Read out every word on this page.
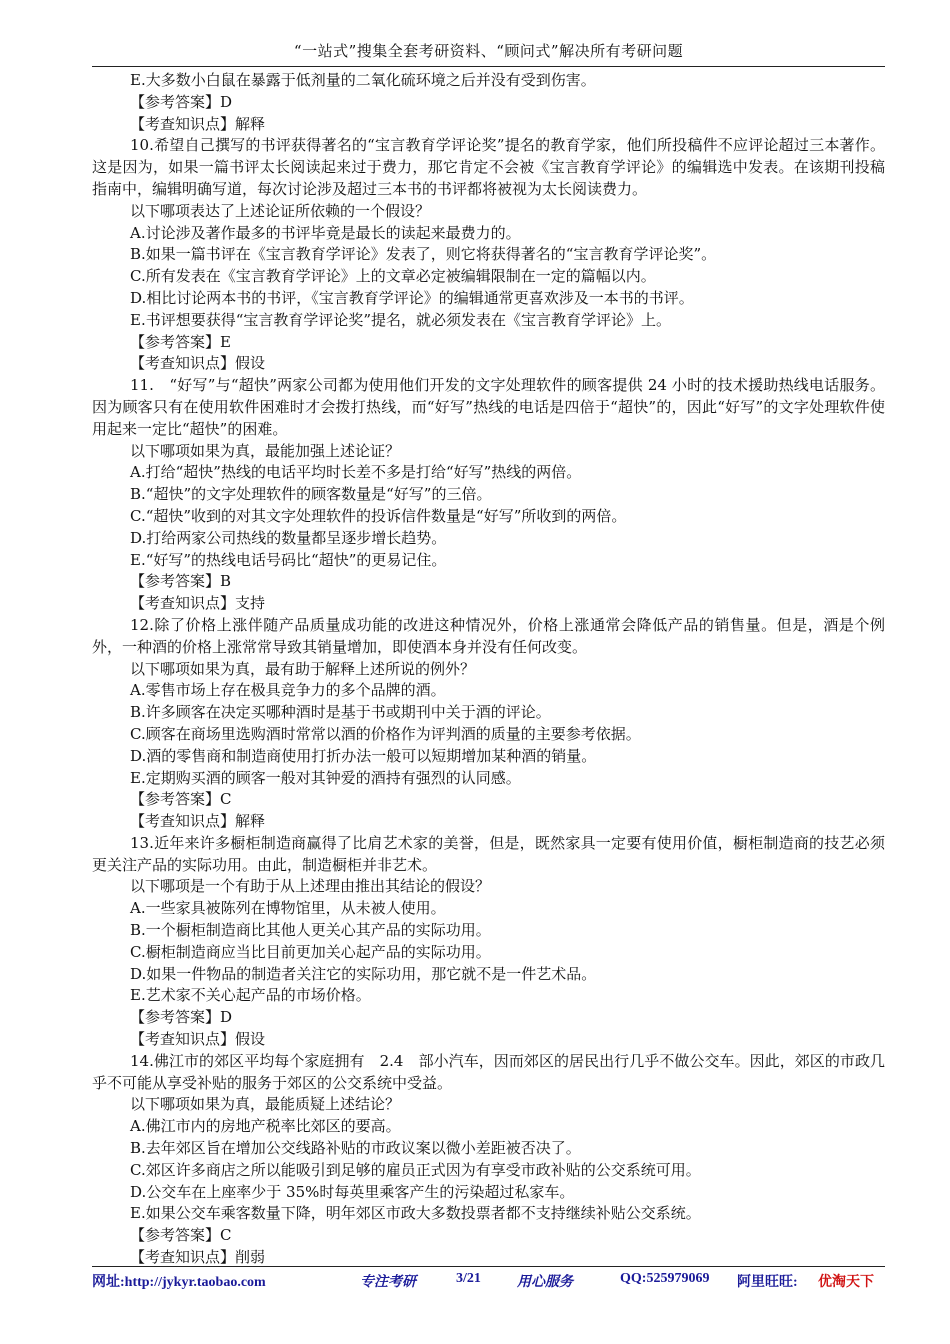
“一站式”搜集全套考研资料、“顾问式”解决所有考研问题
E.大多数小白鼠在暴露于低剂量的二氧化硫环境之后并没有受到伤害。
【参考答案】D
【考查知识点】解释
10.希望自己撰写的书评获得著名的“宝言教育学评论奖”提名的教育学家，他们所投稿件不应评论超过三本著作。这是因为，如果一篇书评太长阅读起来过于费力，那它肯定不会被《宝言教育学评论》的编辑选中发表。在该期刊投稿指南中，编辑明确写道，每次讨论涉及超过三本书的书评都将被视为太长阅读费力。
以下哪项表达了上述论证所依赖的一个假设？
A.讨论涉及著作最多的书评毕竟是最长的读起来最费力的。
B.如果一篇书评在《宝言教育学评论》发表了，则它将获得著名的“宝言教育学评论奖”。
C.所有发表在《宝言教育学评论》上的文章必定被编辑限制在一定的篇幅以内。
D.相比讨论两本书的书评，《宝言教育学评论》的编辑通常更喜欢涉及一本书的书评。
E.书评想要获得“宝言教育学评论奖”提名，就必须发表在《宝言教育学评论》上。
【参考答案】E
【考查知识点】假设
11.　“好写”与“超快”两家公司都为使用他们开发的文字处理软件的顾客提供 24 小时的技术援助热线电话服务。因为顾客只有在使用软件困难时才会拨打热线，而“好写”热线的电话是四倍于“超快”的，因此“好写”的文字处理软件使用起来一定比“超快”的困难。
以下哪项如果为真，最能加强上述论证？
A.打给“超快”热线的电话平均时长差不多是打给“好写”热线的两倍。
B.“超快”的文字处理软件的顾客数量是“好写”的三倍。
C.“超快”收到的对其文字处理软件的投诉信件数量是“好写”所收到的两倍。
D.打给两家公司热线的数量都呈逐步增长趋势。
E.“好写”的热线电话号码比“超快”的更易记住。
【参考答案】B
【考查知识点】支持
12.除了价格上涨伴随产品质量成功能的改进这种情况外，价格上涨通常会降低产品的销售量。但是，酒是个例外，一种酒的价格上涨常常导致其销量增加，即使酒本身并没有任何改变。
以下哪项如果为真，最有助于解释上述所说的例外？
A.零售市场上存在极具竞争力的多个品牌的酒。
B.许多顾客在决定买哪种酒时是基于书或期刊中关于酒的评论。
C.顾客在商场里选购酒时常常以酒的价格作为评判酒的质量的主要参考依据。
D.酒的零售商和制造商使用打折办法一般可以短期增加某种酒的销量。
E.定期购买酒的顾客一般对其钟爱的酒持有强烈的认同感。
【参考答案】C
【考查知识点】解释
13.近年来许多橱柜制造商赢得了比肩艺术家的美誉，但是，既然家具一定要有使用价值，橱柜制造商的技艺必须更关注产品的实际功用。由此，制造橱柜并非艺术。
以下哪项是一个有助于从上述理由推出其结论的假设？
A.一些家具被陈列在博物馆里，从未被人使用。
B.一个橱柜制造商比其他人更关心其产品的实际功用。
C.橱柜制造商应当比目前更加关心起产品的实际功用。
D.如果一件物品的制造者关注它的实际功用，那它就不是一件艺术品。
E.艺术家不关心起产品的市场价格。
【参考答案】D
【考查知识点】假设
14.佛江市的郊区平均每个家庭拥有　2.4　部小汽车，因而郊区的居民出行几乎不做公交车。因此，郊区的市政几乎不可能从享受补贴的服务于郊区的公交系统中受益。
以下哪项如果为真，最能质疑上述结论？
A.佛江市内的房地产税率比郊区的要高。
B.去年郊区旨在增加公交线路补贴的市政议案以微小差距被否决了。
C.郊区许多商店之所以能吸引到足够的雇员正式因为有享受市政补贴的公交系统可用。
D.公交车在上座率少于 35%时每英里乘客产生的污染超过私家车。
E.如果公交车乘客数量下降，明年郊区市政大多数投票者都不支持继续补贴公交系统。
【参考答案】C
【考查知识点】削弱
网址:http://jykyr.taobao.com	专注考研	3/21	用心服务	QQ:525979069 阿里旺旺: 优淘天下
